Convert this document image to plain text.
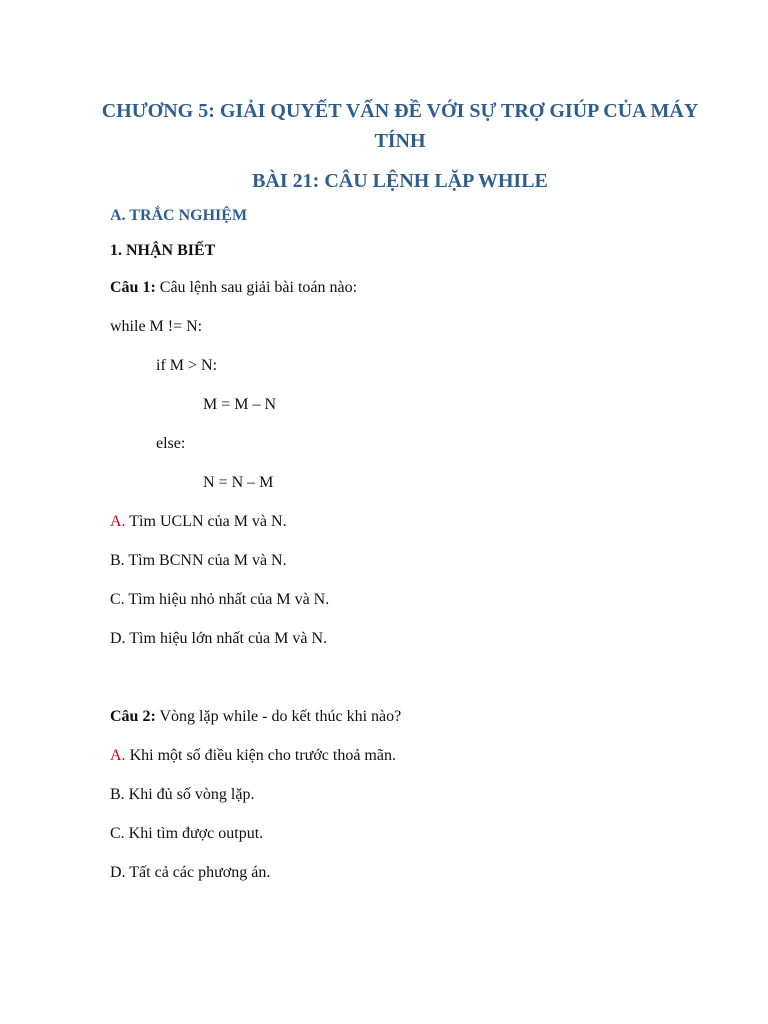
CHƯƠNG 5: GIẢI QUYẾT VẤN ĐỀ VỚI SỰ TRỢ GIÚP CỦA MÁY TÍNH
BÀI 21: CÂU LỆNH LẶP WHILE
A. TRẮC NGHIỆM
1. NHẬN BIẾT
Câu 1: Câu lệnh sau giải bài toán nào:
while M != N:
if M > N:
M = M – N
else:
N = N – M
A. Tìm UCLN của M và N.
B. Tìm BCNN của M và N.
C. Tìm hiệu nhỏ nhất của M và N.
D. Tìm hiệu lớn nhất của M và N.
Câu 2: Vòng lặp while - do kết thúc khi nào?
A. Khi một số điều kiện cho trước thoả mãn.
B. Khi đủ số vòng lặp.
C. Khi tìm được output.
D. Tất cả các phương án.
